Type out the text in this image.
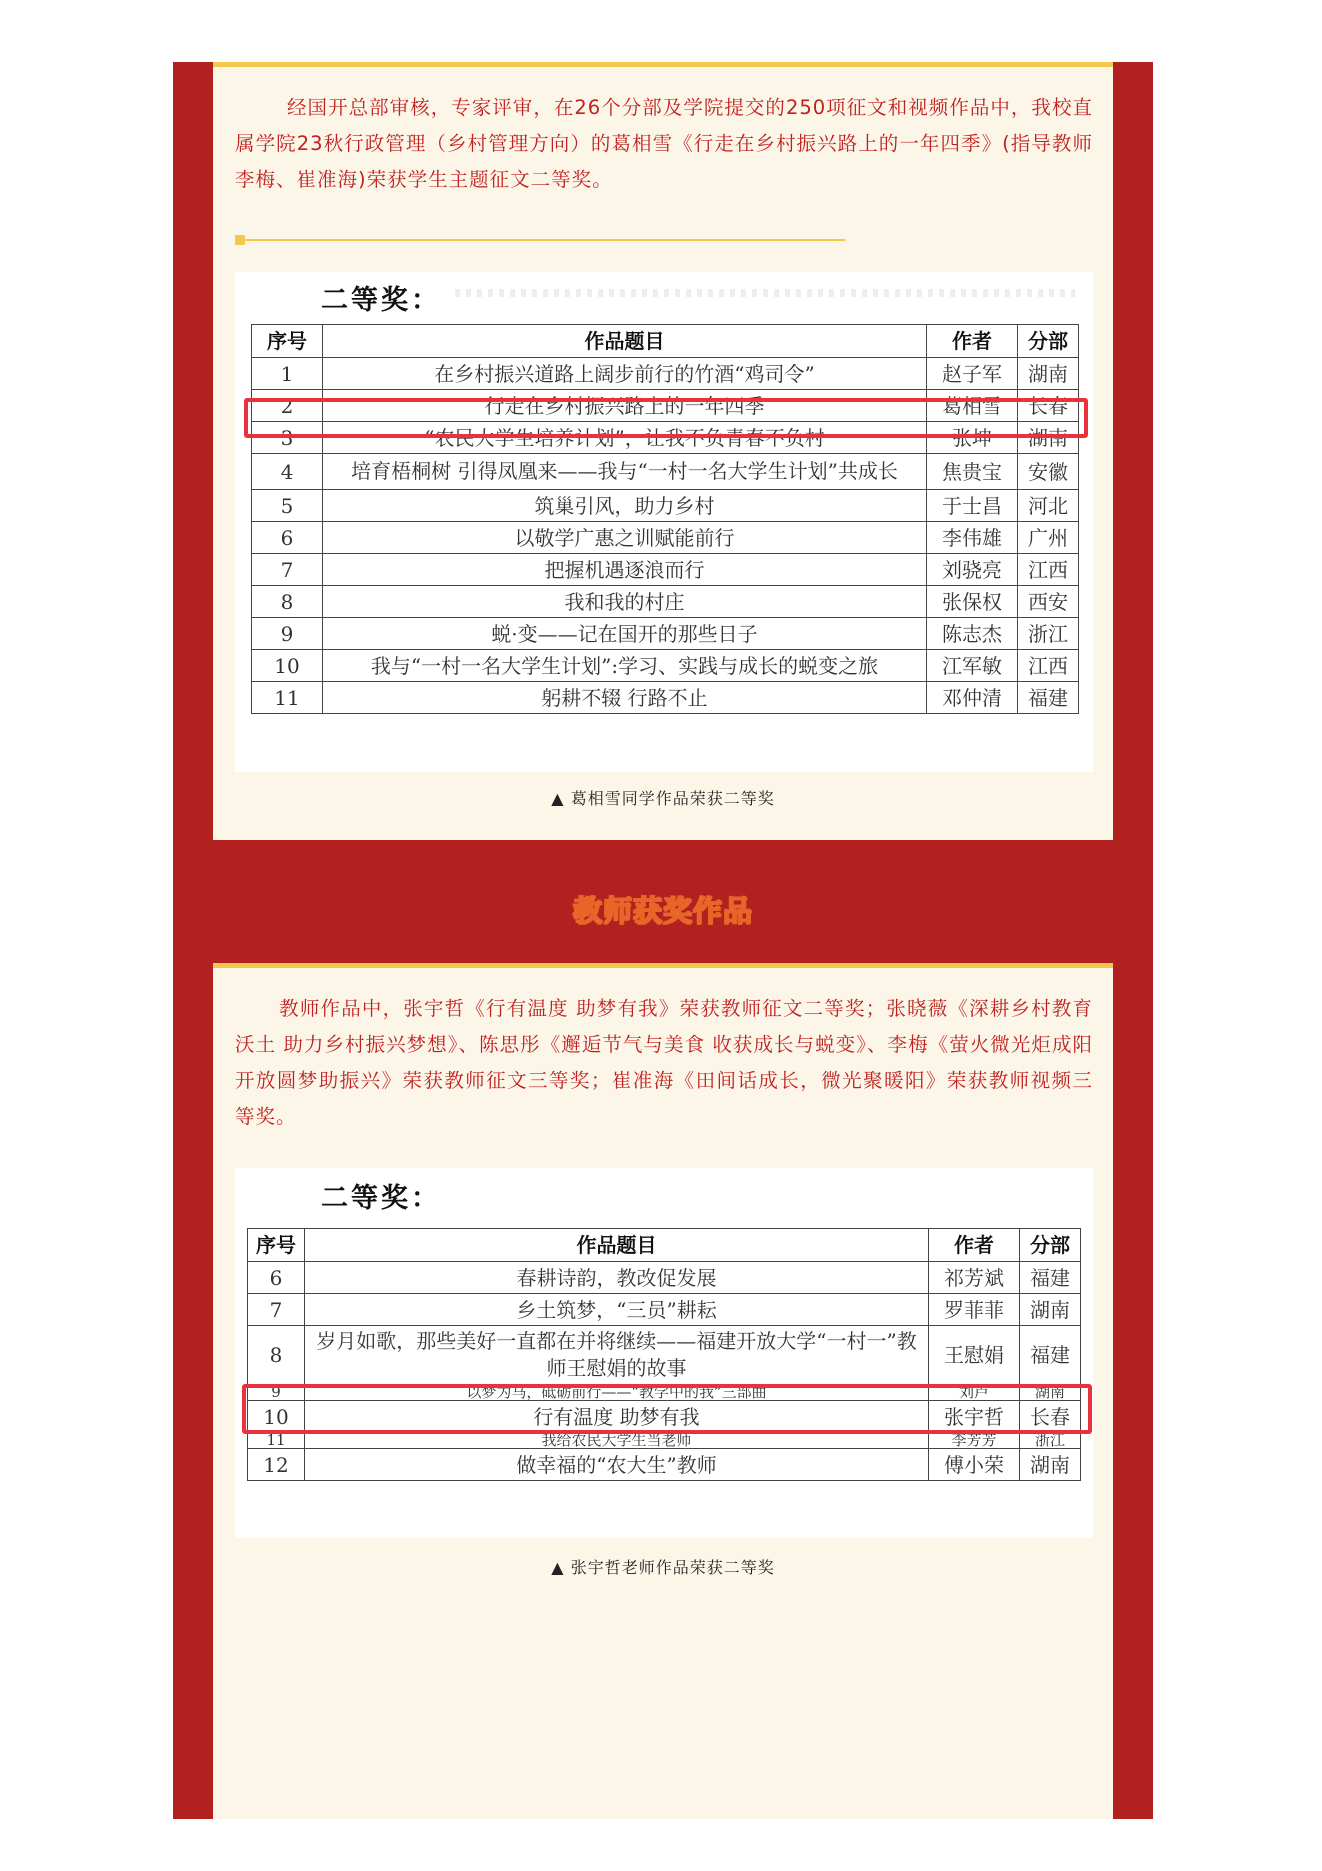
经国开总部审核，专家评审，在26个分部及学院提交的250项征文和视频作品中，我校直属学院23秋行政管理（乡村管理方向）的葛相雪《行走在乡村振兴路上的一年四季》(指导教师 李梅、崔准海)荣获学生主题征文二等奖。

二等奖：
序号	作品题目	作者	分部
1	在乡村振兴道路上阔步前行的竹酒“鸡司令”	赵子军	湖南
2	行走在乡村振兴路上的一年四季	葛相雪	长春
3	“农民大学生培养计划”，让我不负青春不负村	张坤	湖南
4	培育梧桐树 引得凤凰来——我与“一村一名大学生计划”共成长	焦贵宝	安徽
5	筑巢引风，助力乡村	于士昌	河北
6	以敬学广惠之训赋能前行	李伟雄	广州
7	把握机遇逐浪而行	刘骁亮	江西
8	我和我的村庄	张保权	西安
9	蜕·变——记在国开的那些日子	陈志杰	浙江
10	我与“一村一名大学生计划”:学习、实践与成长的蜕变之旅	江军敏	江西
11	躬耕不辍 行路不止	邓仲清	福建
▲ 葛相雪同学作品荣获二等奖
教师获奖作品

教师作品中，张宇哲《行有温度 助梦有我》荣获教师征文二等奖；张晓薇《深耕乡村教育沃土 助力乡村振兴梦想》、陈思彤《邂逅节气与美食 收获成长与蜕变》、李梅《萤火微光炬成阳 开放圆梦助振兴》荣获教师征文三等奖；崔准海《田间话成长，微光聚暖阳》荣获教师视频三等奖。

二等奖：
序号	作品题目	作者	分部
6	春耕诗韵，教改促发展	祁芳斌	福建
7	乡土筑梦，“三员”耕耘	罗菲菲	湖南
8	岁月如歌，那些美好一直都在并将继续——福建开放大学“一村一”教师王慰娟的故事	王慰娟	福建
9	以梦为马，砥砺前行——“教学中的我”三部曲	刘卢	湖南
10	行有温度 助梦有我	张宇哲	长春
11	我给农民大学生当老师	李芳芳	浙江
12	做幸福的“农大生”教师	傅小荣	湖南
▲ 张宇哲老师作品荣获二等奖
